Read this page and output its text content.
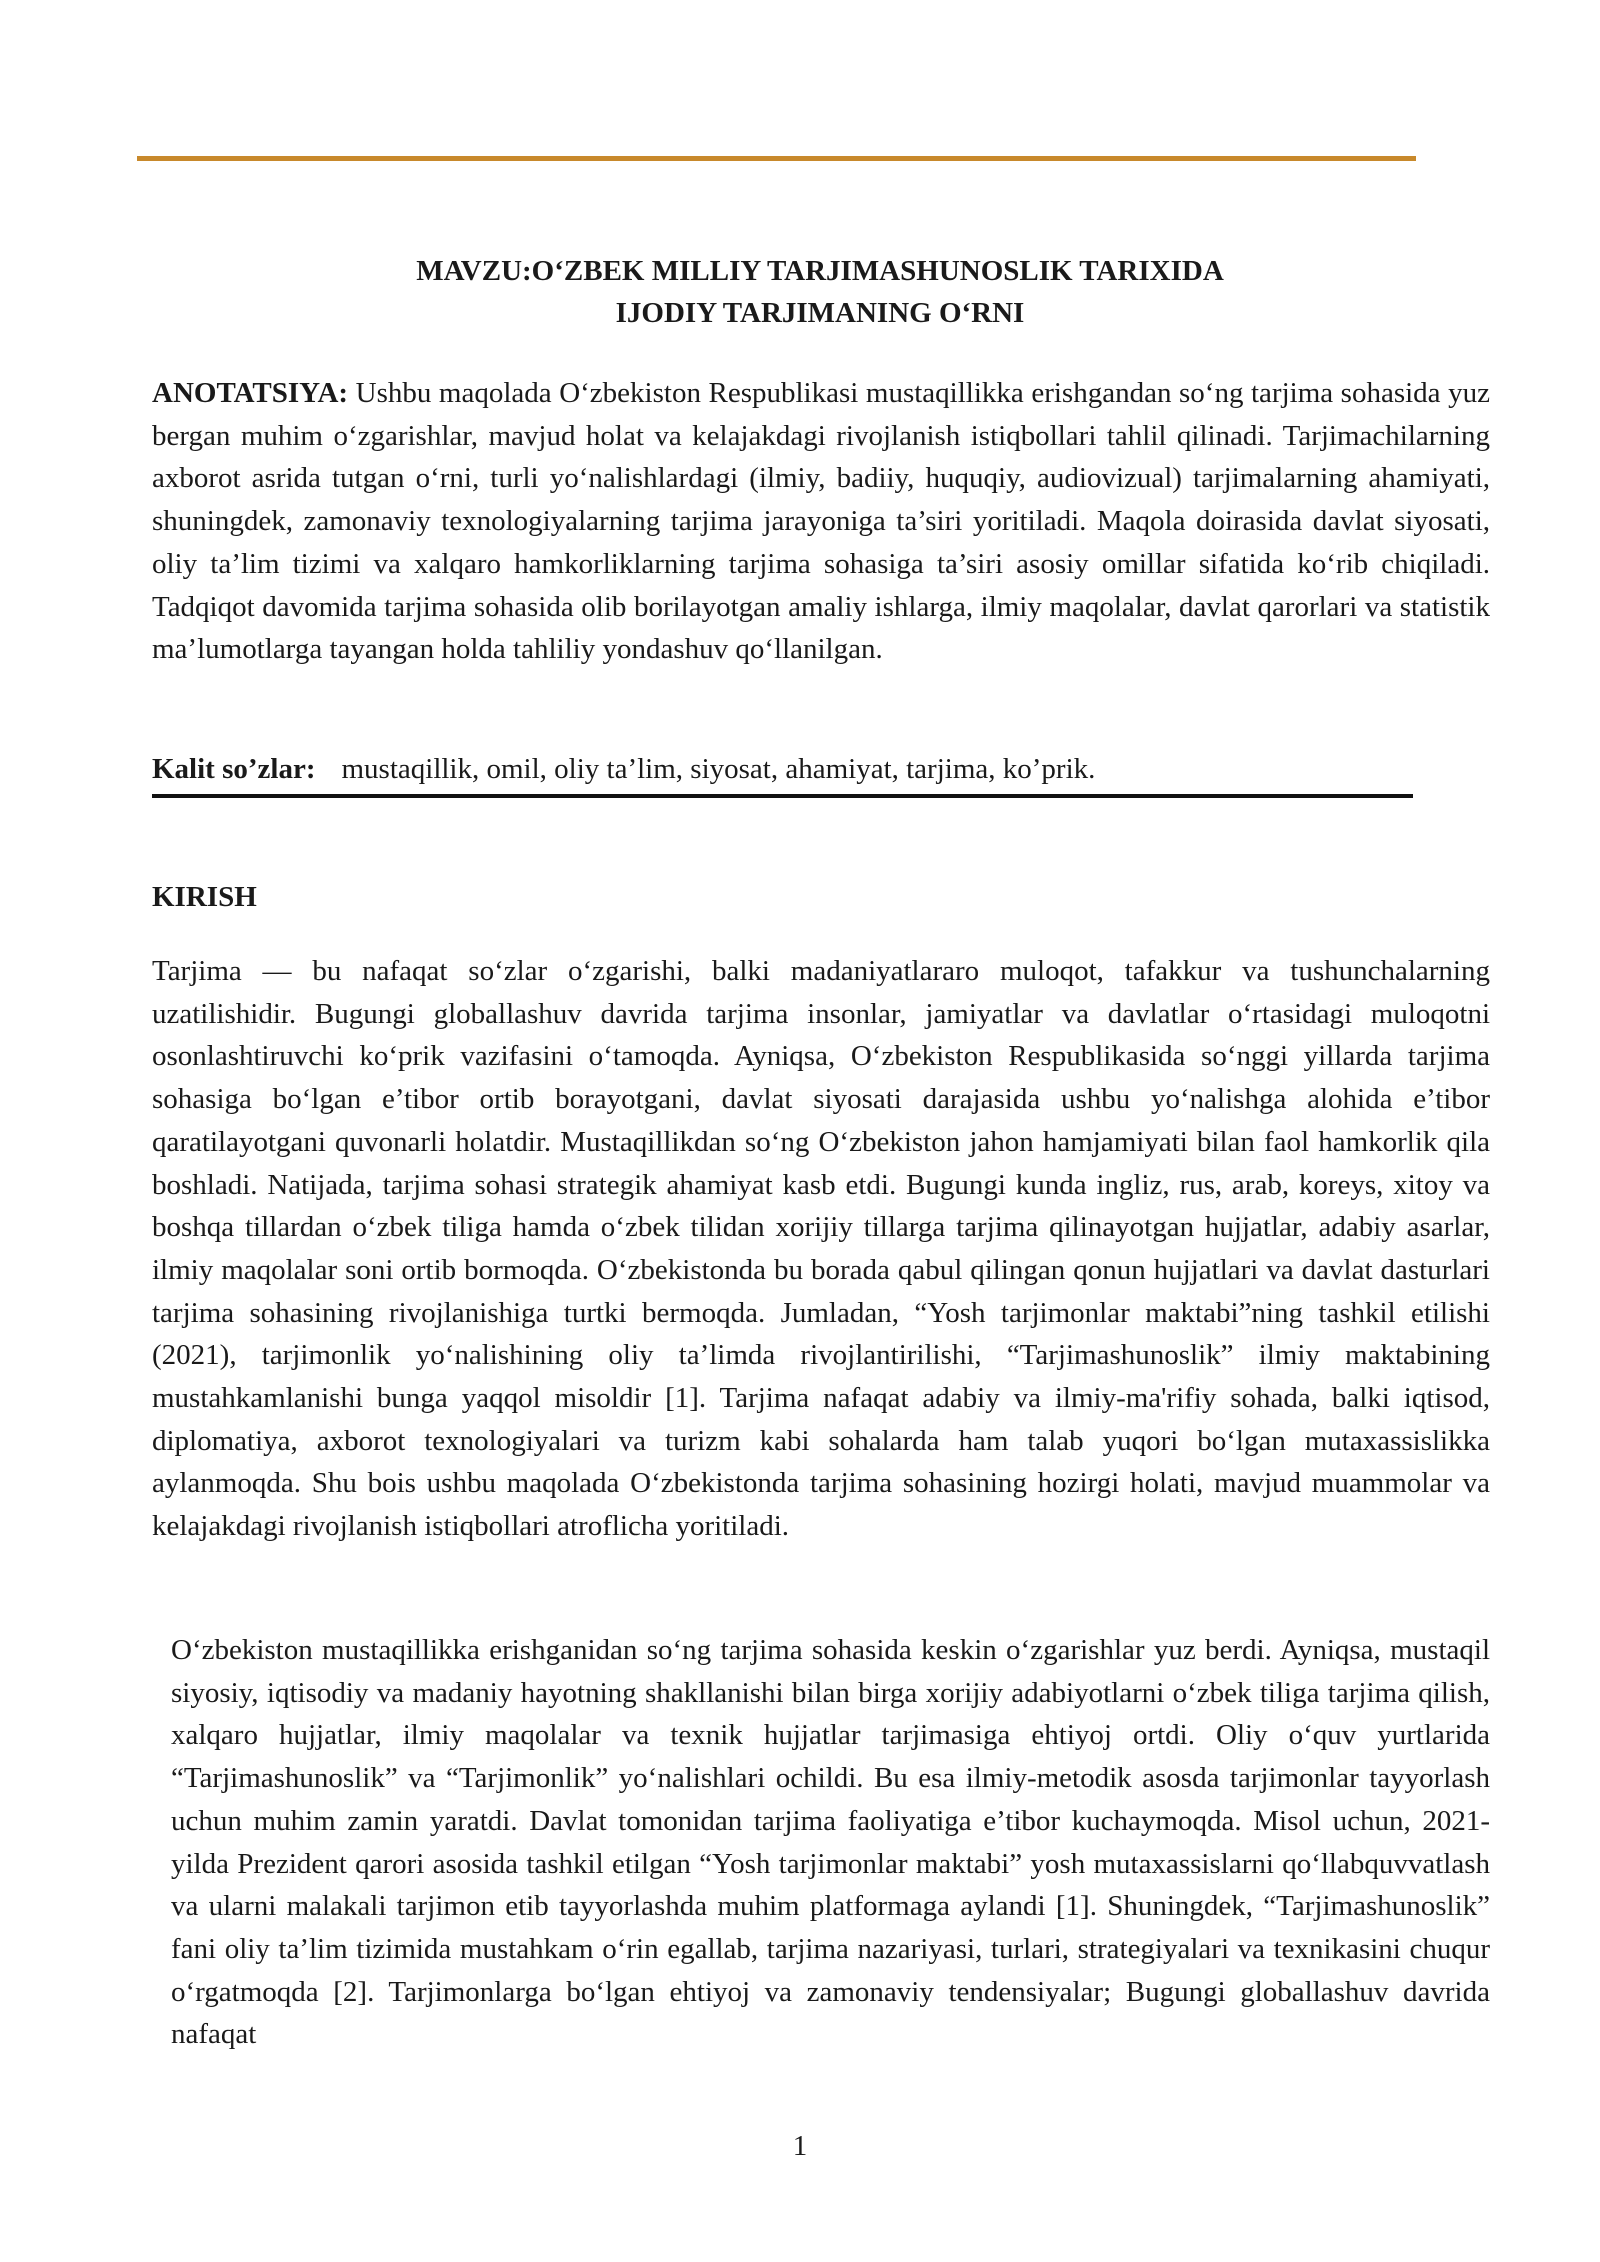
MAVZU:O‘ZBEK MILLIY TARJIMASHUNOSLIK TARIXIDA
IJODIY TARJIMANING O‘RNI

ANOTATSIYA: Ushbu maqolada O‘zbekiston Respublikasi mustaqillikka erishgandan so‘ng tarjima sohasida yuz bergan muhim o‘zgarishlar, mavjud holat va kelajakdagi rivojlanish istiqbollari tahlil qilinadi. Tarjimachilarning axborot asrida tutgan o‘rni, turli yo‘nalishlardagi (ilmiy, badiiy, huquqiy, audiovizual) tarjimalarning ahamiyati, shuningdek, zamonaviy texnologiyalarning tarjima jarayoniga ta’siri yoritiladi. Maqola doirasida davlat siyosati, oliy ta’lim tizimi va xalqaro hamkorliklarning tarjima sohasiga ta’siri asosiy omillar sifatida ko‘rib chiqiladi. Tadqiqot davomida tarjima sohasida olib borilayotgan amaliy ishlarga, ilmiy maqolalar, davlat qarorlari va statistik ma’lumotlarga tayangan holda tahliliy yondashuv qo‘llanilgan.

Kalit so’zlar: mustaqillik, omil, oliy ta’lim, siyosat, ahamiyat, tarjima, ko’prik.

KIRISH

Tarjima — bu nafaqat so‘zlar o‘zgarishi, balki madaniyatlararo muloqot, tafakkur va tushunchalarning uzatilishidir. Bugungi globallashuv davrida tarjima insonlar, jamiyatlar va davlatlar o‘rtasidagi muloqotni osonlashtiruvchi ko‘prik vazifasini o‘tamoqda. Ayniqsa, O‘zbekiston Respublikasida so‘nggi yillarda tarjima sohasiga bo‘lgan e’tibor ortib borayotgani, davlat siyosati darajasida ushbu yo‘nalishga alohida e’tibor qaratilayotgani quvonarli holatdir. Mustaqillikdan so‘ng O‘zbekiston jahon hamjamiyati bilan faol hamkorlik qila boshladi. Natijada, tarjima sohasi strategik ahamiyat kasb etdi. Bugungi kunda ingliz, rus, arab, koreys, xitoy va boshqa tillardan o‘zbek tiliga hamda o‘zbek tilidan xorijiy tillarga tarjima qilinayotgan hujjatlar, adabiy asarlar, ilmiy maqolalar soni ortib bormoqda. O‘zbekistonda bu borada qabul qilingan qonun hujjatlari va davlat dasturlari tarjima sohasining rivojlanishiga turtki bermoqda. Jumladan, “Yosh tarjimonlar maktabi”ning tashkil etilishi (2021), tarjimonlik yo‘nalishining oliy ta’limda rivojlantirilishi, “Tarjimashunoslik” ilmiy maktabining mustahkamlanishi bunga yaqqol misoldir [1]. Tarjima nafaqat adabiy va ilmiy-ma'rifiy sohada, balki iqtisod, diplomatiya, axborot texnologiyalari va turizm kabi sohalarda ham talab yuqori bo‘lgan mutaxassislikka aylanmoqda. Shu bois ushbu maqolada O‘zbekistonda tarjima sohasining hozirgi holati, mavjud muammolar va kelajakdagi rivojlanish istiqbollari atroflicha yoritiladi.

O‘zbekiston mustaqillikka erishganidan so‘ng tarjima sohasida keskin o‘zgarishlar yuz berdi. Ayniqsa, mustaqil siyosiy, iqtisodiy va madaniy hayotning shakllanishi bilan birga xorijiy adabiyotlarni o‘zbek tiliga tarjima qilish, xalqaro hujjatlar, ilmiy maqolalar va texnik hujjatlar tarjimasiga ehtiyoj ortdi. Oliy o‘quv yurtlarida “Tarjimashunoslik” va “Tarjimonlik” yo‘nalishlari ochildi. Bu esa ilmiy-metodik asosda tarjimonlar tayyorlash uchun muhim zamin yaratdi. Davlat tomonidan tarjima faoliyatiga e’tibor kuchaymoqda. Misol uchun, 2021-yilda Prezident qarori asosida tashkil etilgan “Yosh tarjimonlar maktabi” yosh mutaxassislarni qo‘llabquvvatlash va ularni malakali tarjimon etib tayyorlashda muhim platformaga aylandi [1]. Shuningdek, “Tarjimashunoslik” fani oliy ta’lim tizimida mustahkam o‘rin egallab, tarjima nazariyasi, turlari, strategiyalari va texnikasini chuqur o‘rgatmoqda [2]. Tarjimonlarga bo‘lgan ehtiyoj va zamonaviy tendensiyalar; Bugungi globallashuv davrida nafaqat

1
